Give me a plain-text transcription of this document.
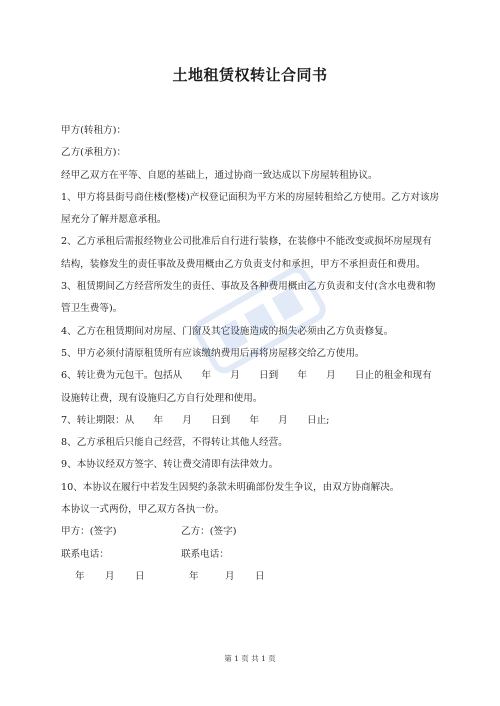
土地租赁权转让合同书

甲方(转租方)：

乙方(承租方)：

经甲乙双方在平等、自愿的基础上，通过协商一致达成以下房屋转租协议。

1、甲方将县街号商住楼(整楼)产权登记面积为平方米的房屋转租给乙方使用。乙方对该房屋充分了解并愿意承租。

2、乙方承租后需报经物业公司批准后自行进行装修，在装修中不能改变或损坏房屋现有结构，装修发生的责任事故及费用概由乙方负责支付和承担，甲方不承担责任和费用。

3、租赁期间乙方经营所发生的责任、事故及各种费用概由乙方负责和支付(含水电费和物管卫生费等)。

4、乙方在租赁期间对房屋、门窗及其它设施造成的损失必须由乙方负责修复。

5、甲方必须付清原租赁所有应该缴纳费用后再将房屋移交给乙方使用。

6、转让费为元包干。包括从　　年　　月　　日到　　年　　月　　日止的租金和现有设施转让费，现有设施归乙方自行处理和使用。

7、转让期限：从　　年　　月　　日到　　年　　月　　日止;

8、乙方承租后只能自己经营，不得转让其他人经营。

9、本协议经双方签字、转让费交清即有法律效力。

10、本协议在履行中若发生因契约条款未明确部份发生争议，由双方协商解决。

本协议一式两份，甲乙双方各执一份。

甲方：(签字)	乙方：(签字)
联系电话：	联系电话：
年	月	日	年	月	日
第 1 页 共 1 页
